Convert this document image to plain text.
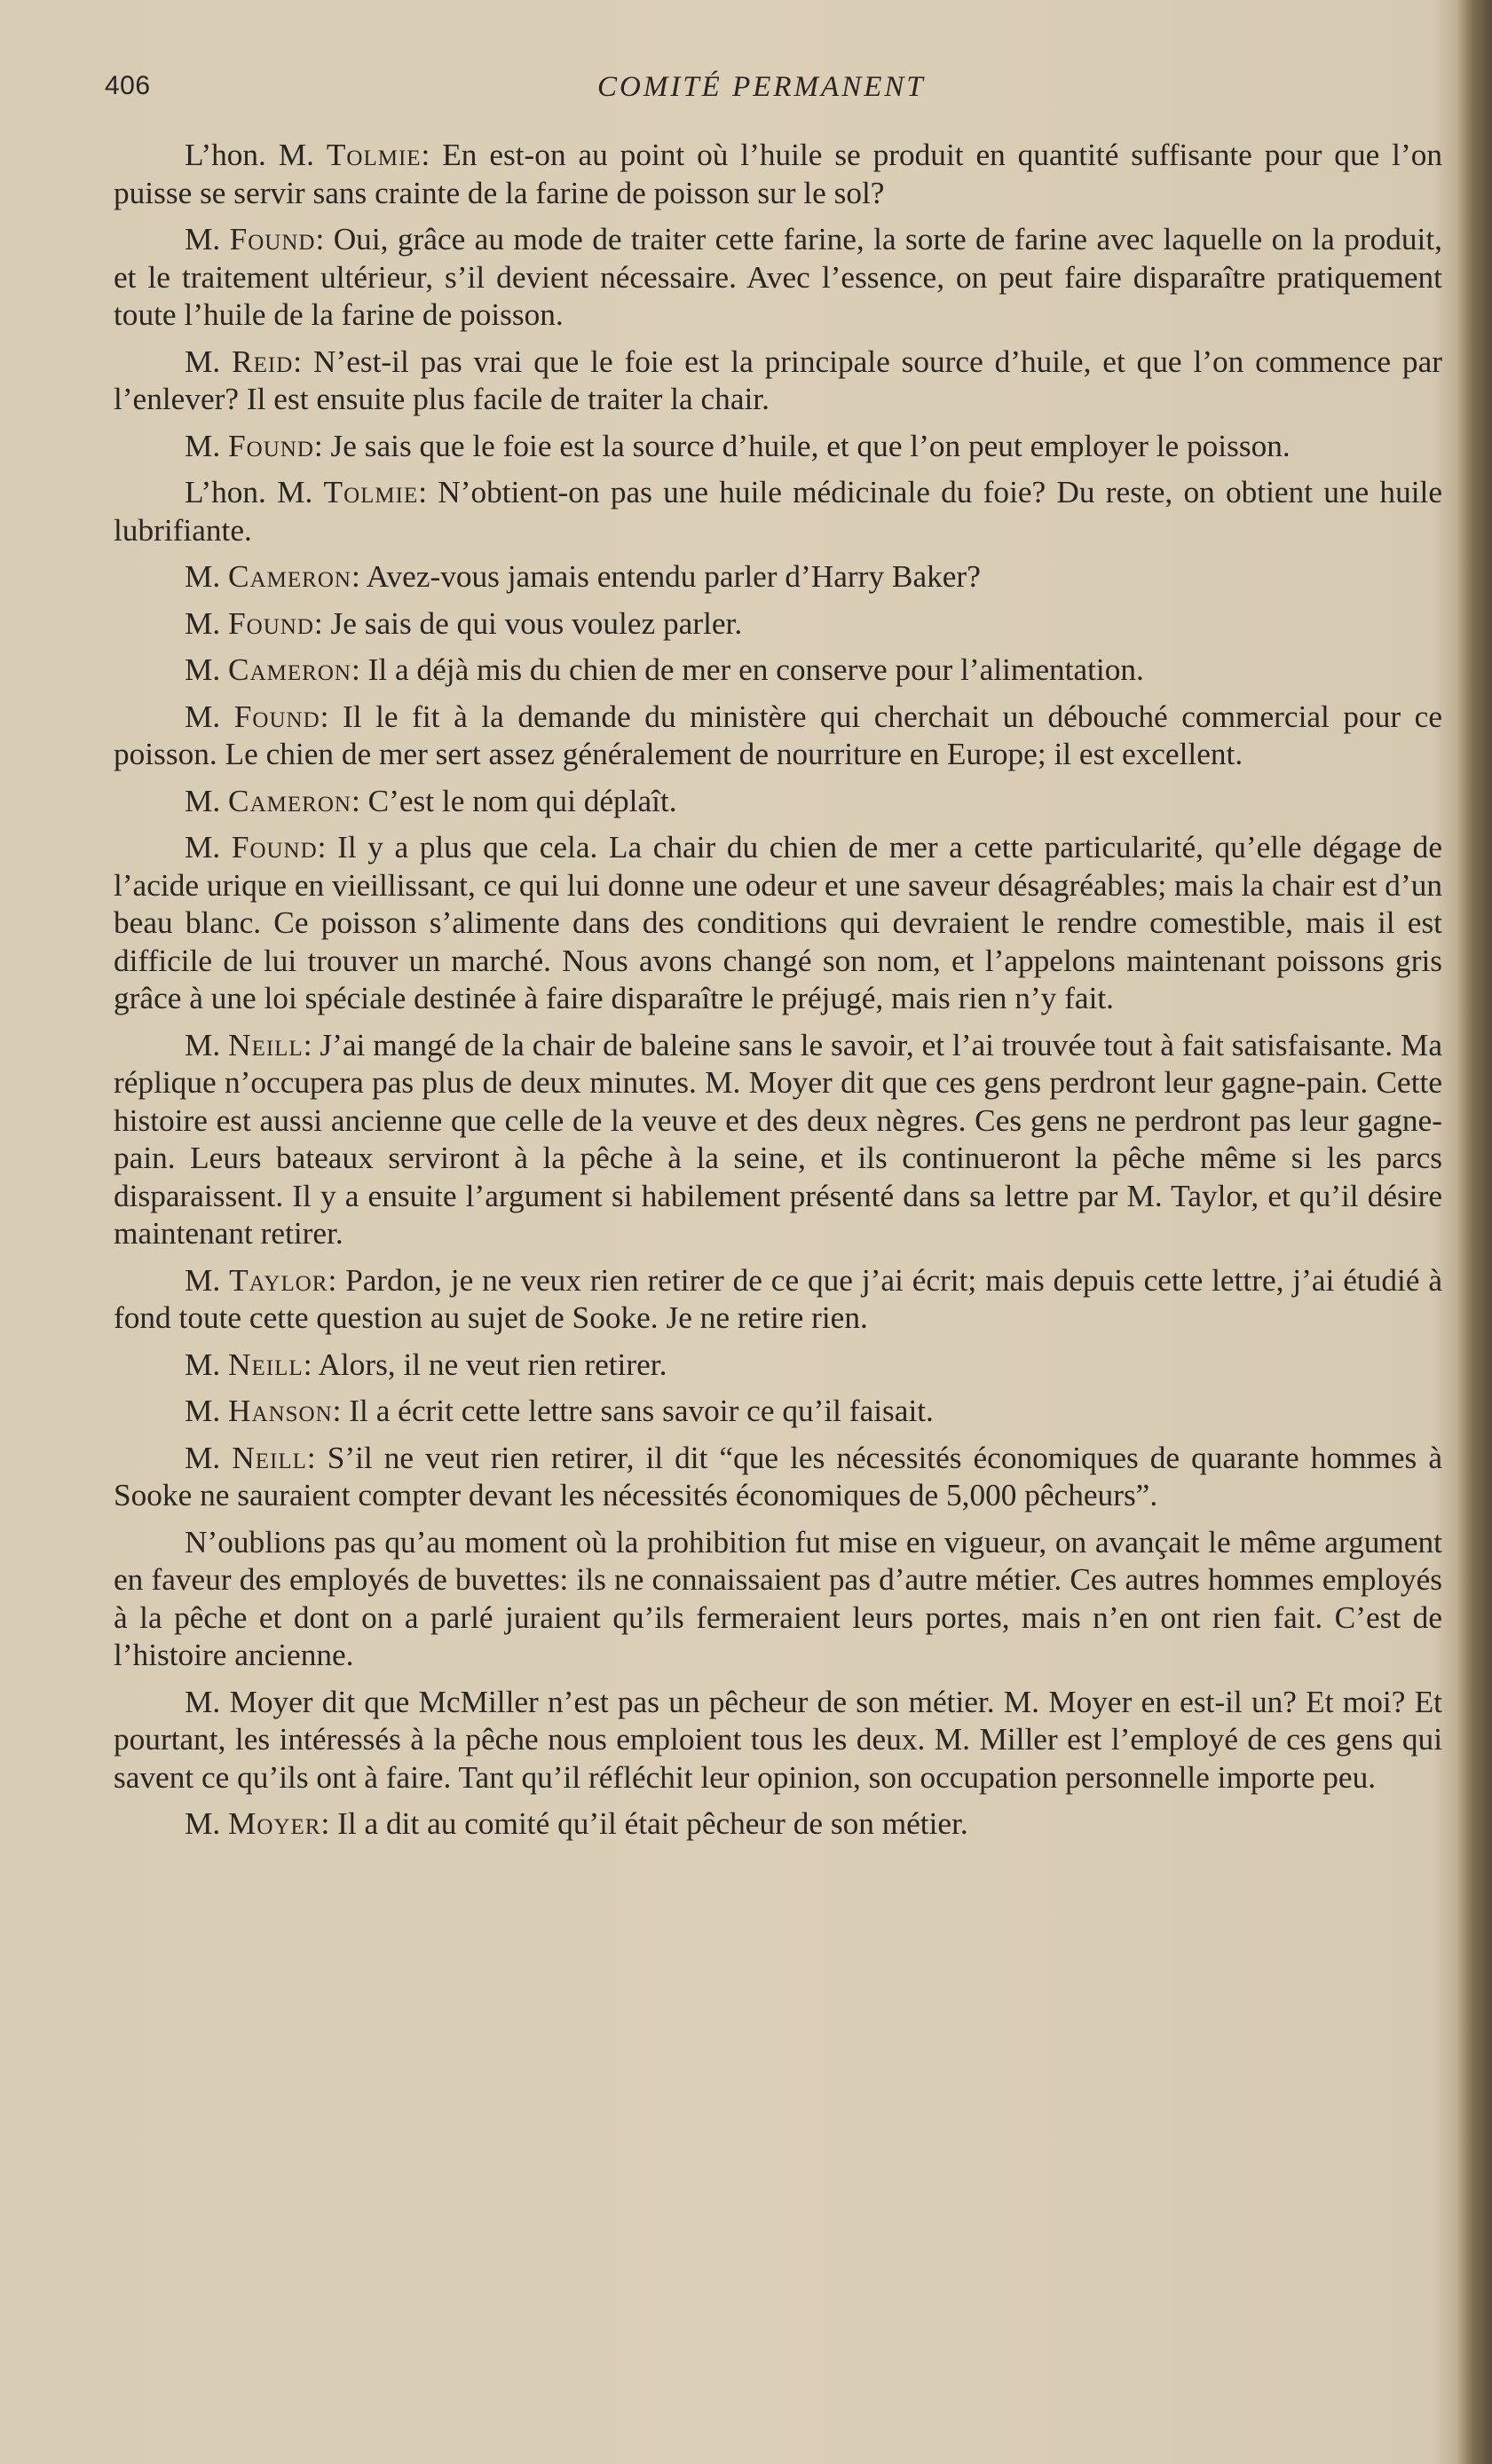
406	COMITÉ PERMANENT

L’hon. M. Tolmie: En est-on au point où l’huile se produit en quantité suffisante pour que l’on puisse se servir sans crainte de la farine de poisson sur le sol?

M. Found: Oui, grâce au mode de traiter cette farine, la sorte de farine avec laquelle on la produit, et le traitement ultérieur, s’il devient nécessaire. Avec l’essence, on peut faire disparaître pratiquement toute l’huile de la farine de poisson.

M. Reid: N’est-il pas vrai que le foie est la principale source d’huile, et que l’on commence par l’enlever? Il est ensuite plus facile de traiter la chair.

M. Found: Je sais que le foie est la source d’huile, et que l’on peut employer le poisson.

L’hon. M. Tolmie: N’obtient-on pas une huile médicinale du foie? Du reste, on obtient une huile lubrifiante.

M. Cameron: Avez-vous jamais entendu parler d’Harry Baker?

M. Found: Je sais de qui vous voulez parler.

M. Cameron: Il a déjà mis du chien de mer en conserve pour l’alimentation.

M. Found: Il le fit à la demande du ministère qui cherchait un débouché commercial pour ce poisson. Le chien de mer sert assez généralement de nourriture en Europe; il est excellent.

M. Cameron: C’est le nom qui déplaît.

M. Found: Il y a plus que cela. La chair du chien de mer a cette particularité, qu’elle dégage de l’acide urique en vieillissant, ce qui lui donne une odeur et une saveur désagréables; mais la chair est d’un beau blanc. Ce poisson s’alimente dans des conditions qui devraient le rendre comestible, mais il est difficile de lui trouver un marché. Nous avons changé son nom, et l’appelons maintenant poissons gris grâce à une loi spéciale destinée à faire disparaître le préjugé, mais rien n’y fait.

M. Neill: J’ai mangé de la chair de baleine sans le savoir, et l’ai trouvée tout à fait satisfaisante. Ma réplique n’occupera pas plus de deux minutes. M. Moyer dit que ces gens perdront leur gagne-pain. Cette histoire est aussi ancienne que celle de la veuve et des deux nègres. Ces gens ne perdront pas leur gagne-pain. Leurs bateaux serviront à la pêche à la seine, et ils continueront la pêche même si les parcs disparaissent. Il y a ensuite l’argument si habilement présenté dans sa lettre par M. Taylor, et qu’il désire maintenant retirer.

M. Taylor: Pardon, je ne veux rien retirer de ce que j’ai écrit; mais depuis cette lettre, j’ai étudié à fond toute cette question au sujet de Sooke. Je ne retire rien.

M. Neill: Alors, il ne veut rien retirer.

M. Hanson: Il a écrit cette lettre sans savoir ce qu’il faisait.

M. Neill: S’il ne veut rien retirer, il dit “que les nécessités économiques de quarante hommes à Sooke ne sauraient compter devant les nécessités économiques de 5,000 pêcheurs”.

N’oublions pas qu’au moment où la prohibition fut mise en vigueur, on avançait le même argument en faveur des employés de buvettes: ils ne connaissaient pas d’autre métier. Ces autres hommes employés à la pêche et dont on a parlé juraient qu’ils fermeraient leurs portes, mais n’en ont rien fait. C’est de l’histoire ancienne.

M. Moyer dit que McMiller n’est pas un pêcheur de son métier. M. Moyer en est-il un? Et moi? Et pourtant, les intéressés à la pêche nous emploient tous les deux. M. Miller est l’employé de ces gens qui savent ce qu’ils ont à faire. Tant qu’il réfléchit leur opinion, son occupation personnelle importe peu.

M. Moyer: Il a dit au comité qu’il était pêcheur de son métier.
